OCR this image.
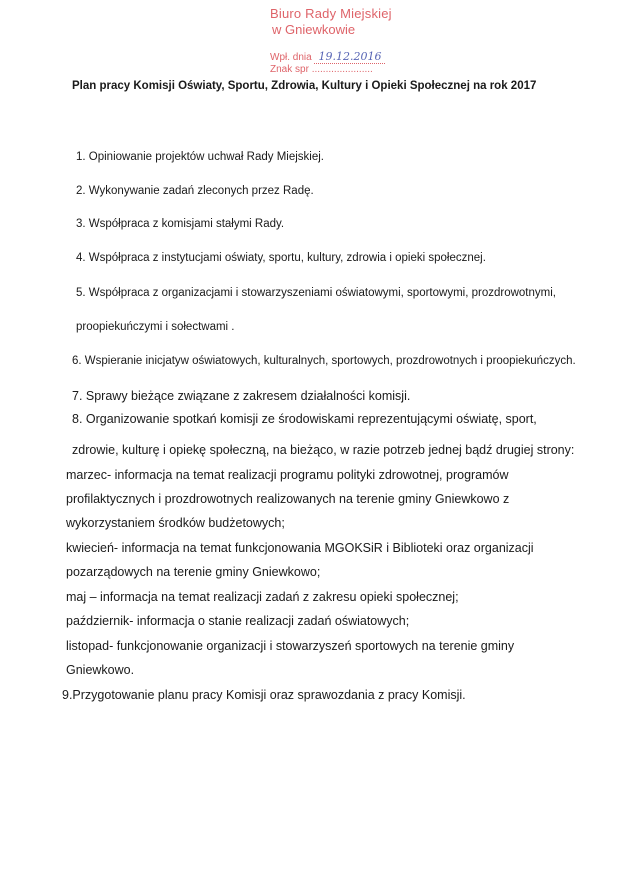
Biuro Rady Miejskiej
w Gniewkowie
Wpł. dnia 19.12.2016
Znak spr ......................
Plan pracy Komisji Oświaty, Sportu, Zdrowia, Kultury i Opieki Społecznej na rok 2017
1. Opiniowanie projektów uchwał Rady Miejskiej.
2. Wykonywanie zadań zleconych przez Radę.
3. Współpraca z komisjami stałymi Rady.
4. Współpraca z instytucjami oświaty, sportu, kultury, zdrowia i opieki społecznej.
5. Współpraca z organizacjami i stowarzyszeniami oświatowymi, sportowymi, prozdrowotnymi,
proopiekuńczymi i sołectwami .
6. Wspieranie inicjatyw oświatowych, kulturalnych, sportowych, prozdrowotnych i proopiekuńczych.
7. Sprawy bieżące związane z zakresem działalności komisji.
8. Organizowanie spotkań komisji ze środowiskami reprezentującymi oświatę, sport,
zdrowie, kulturę i opiekę społeczną, na bieżąco, w razie potrzeb jednej bądź drugiej strony:
marzec- informacja na temat realizacji programu polityki zdrowotnej, programów
profilaktycznych i prozdrowotnych realizowanych na terenie gminy Gniewkowo z
wykorzystaniem środków budżetowych;
kwiecień- informacja na temat funkcjonowania MGOKSiR i Biblioteki oraz organizacji
pozarządowych na terenie gminy Gniewkowo;
maj – informacja na temat realizacji zadań z zakresu opieki społecznej;
październik- informacja o stanie realizacji zadań oświatowych;
listopad- funkcjonowanie organizacji i stowarzyszeń sportowych na terenie gminy
Gniewkowo.
9.Przygotowanie planu pracy Komisji oraz sprawozdania z pracy Komisji.
